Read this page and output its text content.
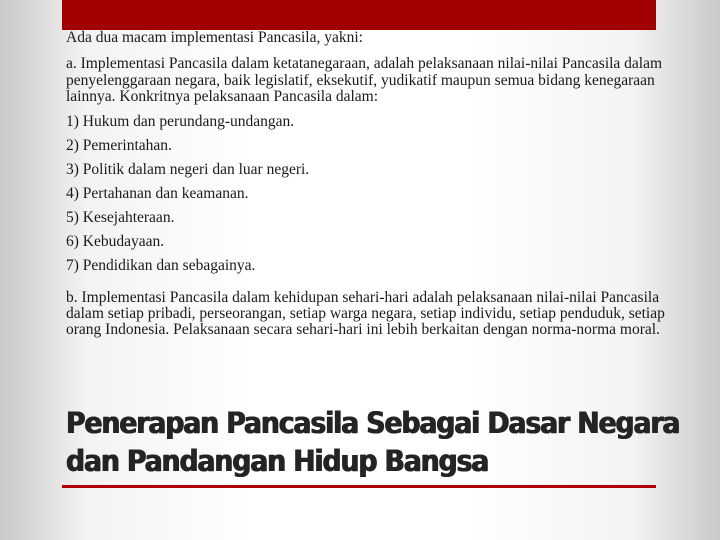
Ada dua macam implementasi Pancasila, yakni:

a. Implementasi Pancasila dalam ketatanegaraan, adalah pelaksanaan nilai-nilai Pancasila dalam penyelenggaraan negara, baik legislatif, eksekutif, yudikatif maupun semua bidang kenegaraan lainnya. Konkritnya pelaksanaan Pancasila dalam:

1) Hukum dan perundang-undangan.
2) Pemerintahan.
3) Politik dalam negeri dan luar negeri.
4) Pertahanan dan keamanan.
5) Kesejahteraan.
6) Kebudayaan.
7) Pendidikan dan sebagainya.

b. Implementasi Pancasila dalam kehidupan sehari-hari adalah pelaksanaan nilai-nilai Pancasila dalam setiap pribadi, perseorangan, setiap warga negara, setiap individu, setiap penduduk, setiap orang Indonesia. Pelaksanaan secara sehari-hari ini lebih berkaitan dengan norma-norma moral.

Penerapan Pancasila Sebagai Dasar Negara
dan Pandangan Hidup Bangsa
